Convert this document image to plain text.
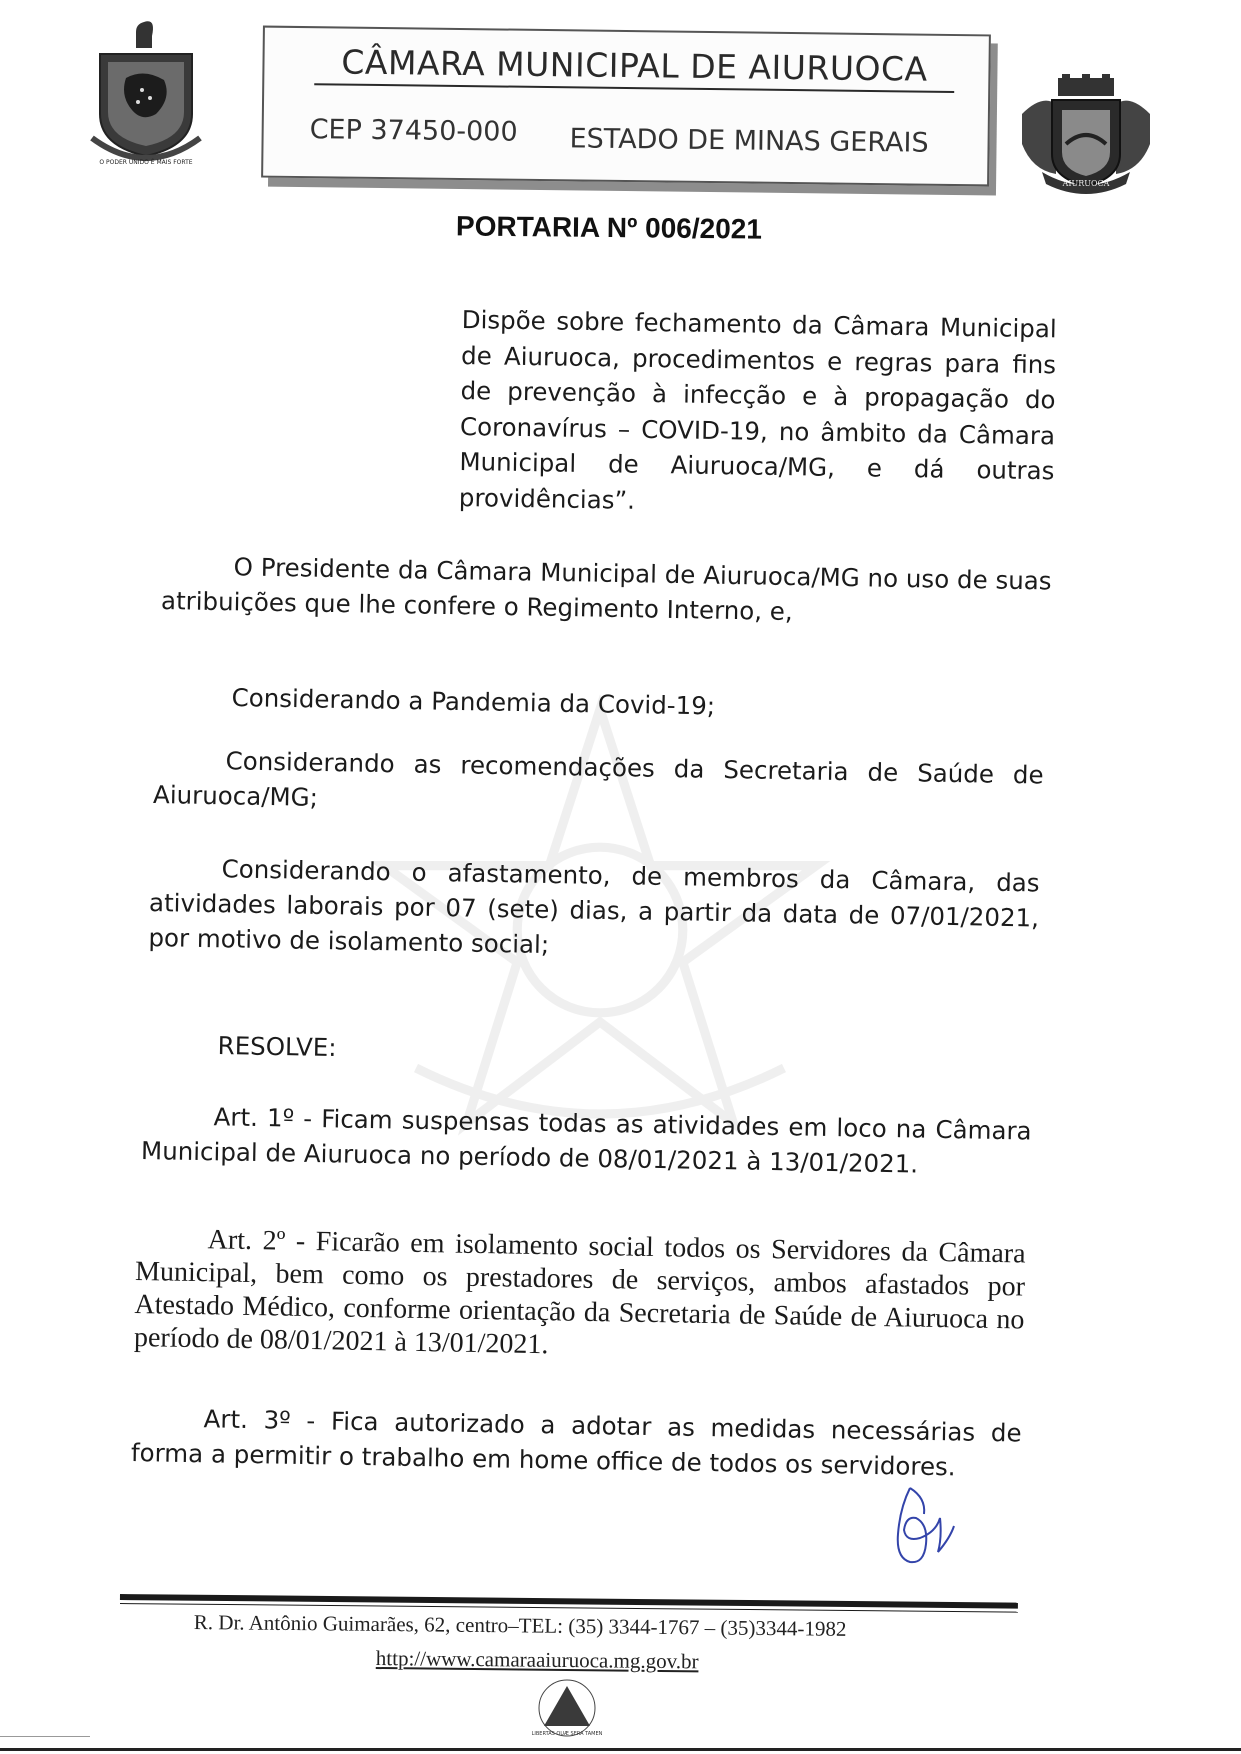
O PODER UNIDO É MAIS FORTE
CÂMARA MUNICIPAL DE AIURUOCA
CEP 37450-000 ESTADO DE MINAS GERAIS
AIURUOCA
PORTARIA Nº 006/2021
Dispõe sobre fechamento da Câmara Municipal de Aiuruoca, procedimentos e regras para fins de prevenção à infecção e à propagação do Coronavírus – COVID-19, no âmbito da Câmara Municipal de Aiuruoca/MG, e dá outras providências”.
O Presidente da Câmara Municipal de Aiuruoca/MG no uso de suas atribuições que lhe confere o Regimento Interno, e,
Considerando a Pandemia da Covid-19;
Considerando as recomendações da Secretaria de Saúde de Aiuruoca/MG;
Considerando o afastamento, de membros da Câmara, das atividades laborais por 07 (sete) dias, a partir da data de 07/01/2021, por motivo de isolamento social;
RESOLVE:
Art. 1º - Ficam suspensas todas as atividades em loco na Câmara Municipal de Aiuruoca no período de 08/01/2021 à 13/01/2021.
Art. 2º - Ficarão em isolamento social todos os Servidores da Câmara Municipal, bem como os prestadores de serviços, ambos afastados por Atestado Médico, conforme orientação da Secretaria de Saúde de Aiuruoca no período de 08/01/2021 à 13/01/2021.
Art. 3º - Fica autorizado a adotar as medidas necessárias de forma a permitir o trabalho em home office de todos os servidores.
R. Dr. Antônio Guimarães, 62, centro–TEL: (35) 3344-1767 – (35)3344-1982
http://www.camaraaiuruoca.mg.gov.br
LIBERTAS QUÆ SERA TAMEN
